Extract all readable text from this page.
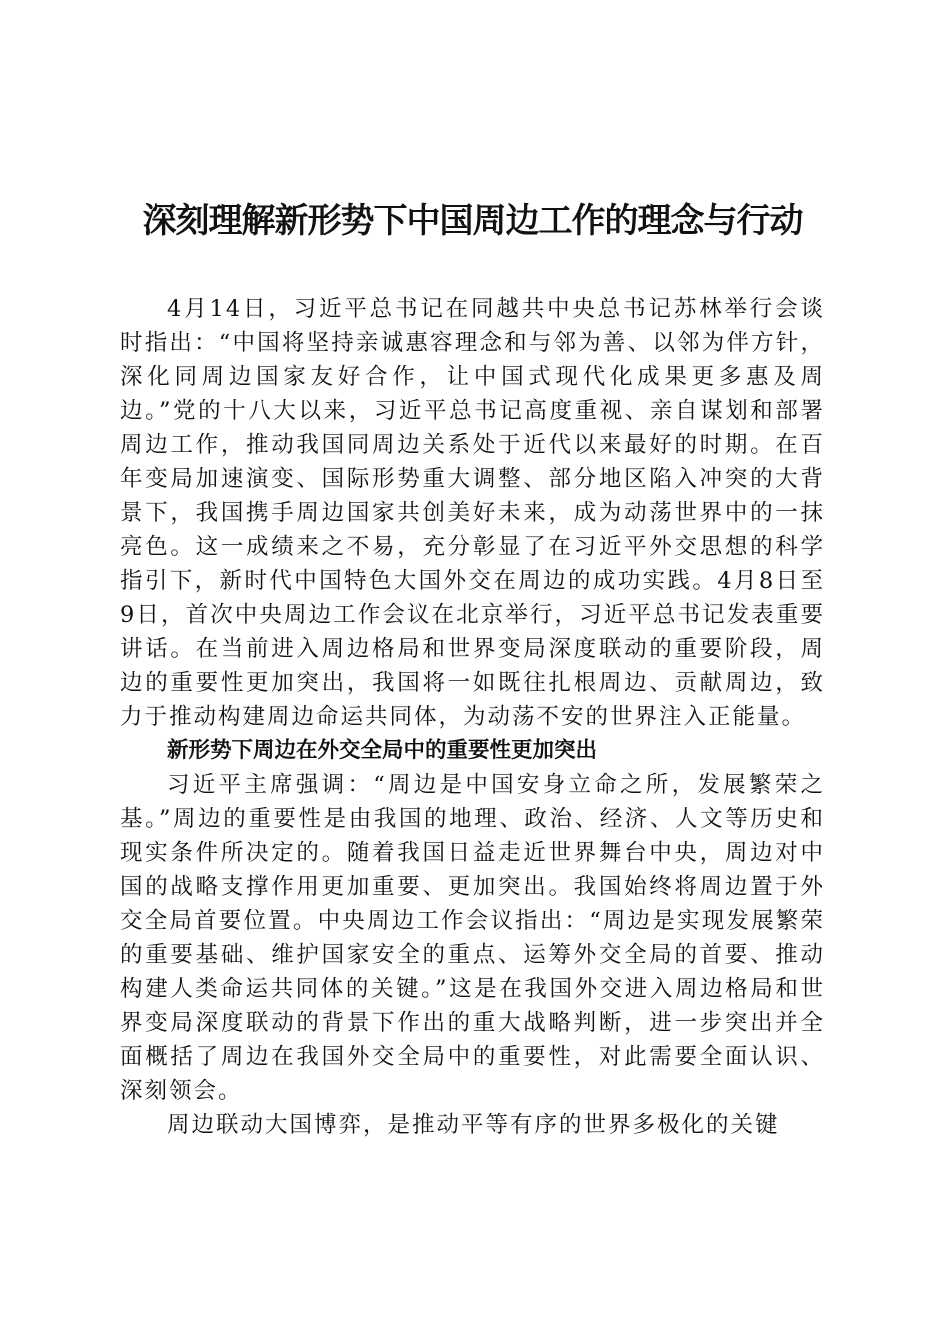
深刻理解新形势下中国周边工作的理念与行动

4月14日，习近平总书记在同越共中央总书记苏林举行会谈时指出：“中国将坚持亲诚惠容理念和与邻为善、以邻为伴方针，深化同周边国家友好合作，让中国式现代化成果更多惠及周边。”党的十八大以来，习近平总书记高度重视、亲自谋划和部署周边工作，推动我国同周边关系处于近代以来最好的时期。在百年变局加速演变、国际形势重大调整、部分地区陷入冲突的大背景下，我国携手周边国家共创美好未来，成为动荡世界中的一抹亮色。这一成绩来之不易，充分彰显了在习近平外交思想的科学指引下，新时代中国特色大国外交在周边的成功实践。4月8日至9日，首次中央周边工作会议在北京举行，习近平总书记发表重要讲话。在当前进入周边格局和世界变局深度联动的重要阶段，周边的重要性更加突出，我国将一如既往扎根周边、贡献周边，致力于推动构建周边命运共同体，为动荡不安的世界注入正能量。

新形势下周边在外交全局中的重要性更加突出

习近平主席强调：“周边是中国安身立命之所，发展繁荣之基。”周边的重要性是由我国的地理、政治、经济、人文等历史和现实条件所决定的。随着我国日益走近世界舞台中央，周边对中国的战略支撑作用更加重要、更加突出。我国始终将周边置于外交全局首要位置。中央周边工作会议指出：“周边是实现发展繁荣的重要基础、维护国家安全的重点、运筹外交全局的首要、推动构建人类命运共同体的关键。”这是在我国外交进入周边格局和世界变局深度联动的背景下作出的重大战略判断，进一步突出并全面概括了周边在我国外交全局中的重要性，对此需要全面认识、深刻领会。

周边联动大国博弈，是推动平等有序的世界多极化的关键
